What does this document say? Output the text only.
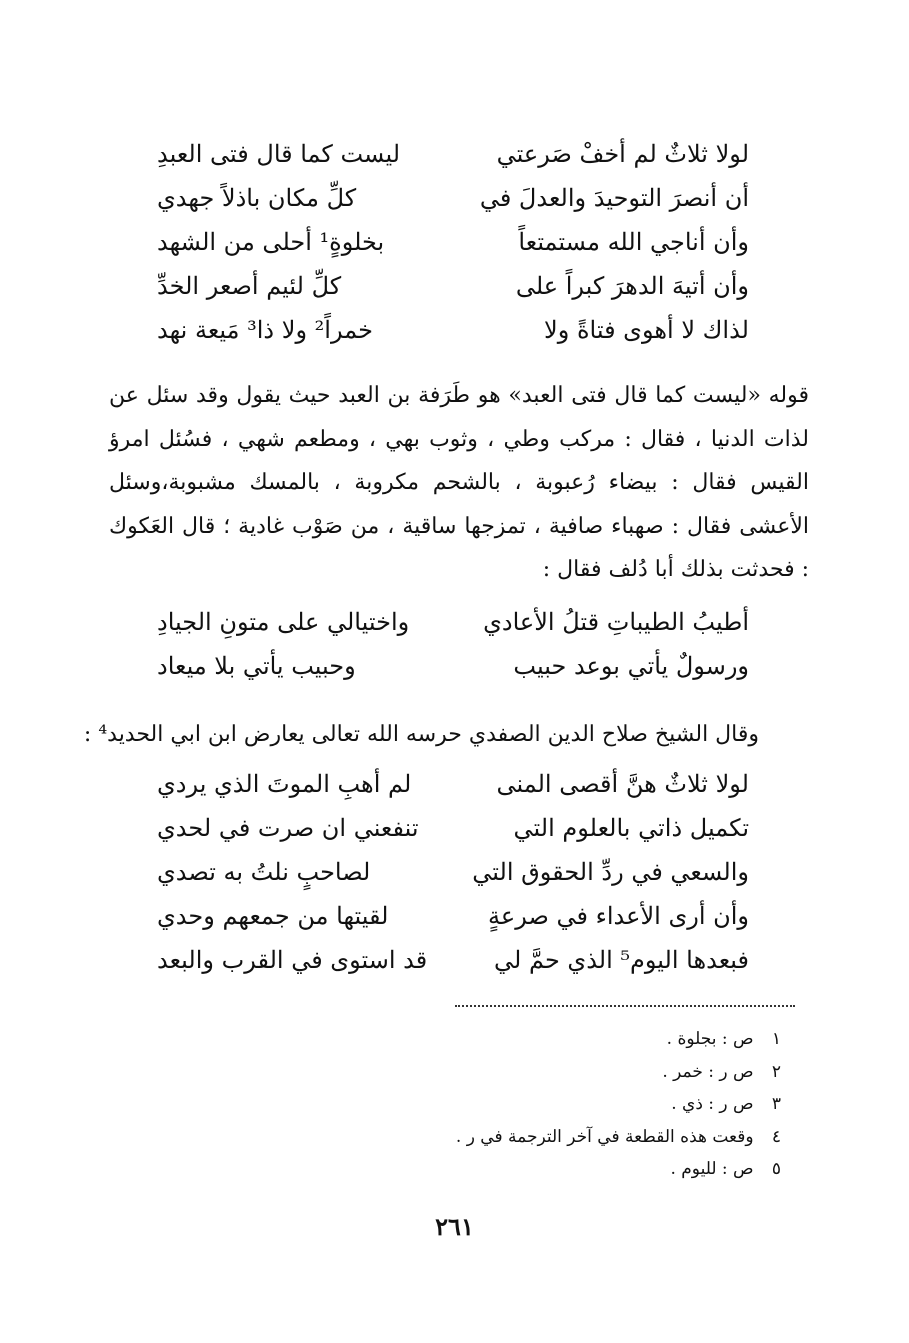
لولا ثلاثٌ لم أخفْ صَرعتي
ليست كما قال فتى العبدِ
أن أنصرَ التوحيدَ والعدلَ في
كلِّ مكان باذلاً جهدي
وأن أناجي الله مستمتعاً
بخلوةٍ¹ أحلى من الشهد
وأن أتيهَ الدهرَ كبراً على
كلِّ لئيم أصعر الخدِّ
لذاك لا أهوى فتاةً ولا
خمراً² ولا ذا³ مَيعة نهد

قوله «ليست كما قال فتى العبد» هو طَرَفة بن العبد حيث يقول وقد سئل عن لذات الدنيا ، فقال : مركب وطي ، وثوب بهي ، ومطعم شهي ، فسُئل امرؤ القيس فقال : بيضاء رُعبوبة ، بالشحم مكروبة ، بالمسك مشبوبة،وسئل الأعشى فقال : صهباء صافية ، تمزجها ساقية ، من صَوْب غادية ؛ قال العَكوك : فحدثت بذلك أبا دُلف فقال :

أطيبُ الطيباتِ قتلُ الأعادي
واختيالي على متونِ الجيادِ
ورسولٌ يأتي بوعد حبيب
وحبيب يأتي بلا ميعاد
وقال الشيخ صلاح الدين الصفدي حرسه الله تعالى يعارض ابن ابي الحديد⁴ :
لولا ثلاثٌ هنَّ أقصى المنى
لم أهبِ الموتَ الذي يردي
تكميل ذاتي بالعلوم التي
تنفعني ان صرت في لحدي
والسعي في ردِّ الحقوق التي
لصاحبٍ نلتُ به تصدي
وأن أرى الأعداء في صرعةٍ
لقيتها من جمعهم وحدي
فبعدها اليوم⁵ الذي حمَّ لي
قد استوى في القرب والبعد
١ ص : بجلوة .
٢ ص ر : خمر .
٣ ص ر : ذي .
٤ وقعت هذه القطعة في آخر الترجمة في ر .
٥ ص : لليوم .
٢٦١
